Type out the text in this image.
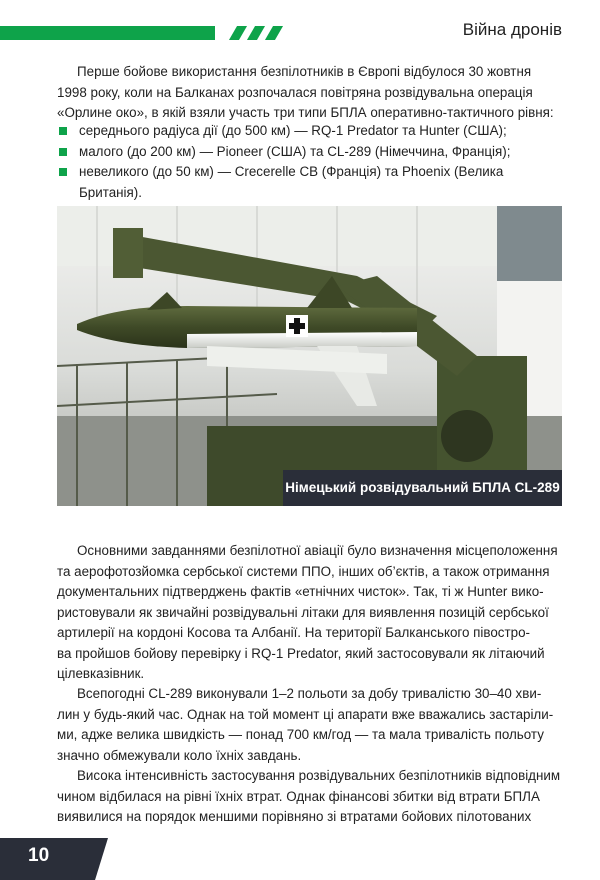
Війна дронів

Перше бойове використання безпілотників в Європі відбулося 30 жовтня
1998 року, коли на Балканах розпочалася повітряна розвідувальна операція
«Орлине око», в якій взяли участь три типи БПЛА оперативно-тактичного рівня:

середнього радіуса дії (до 500 км) — RQ-1 Predator та Hunter (США);
малого (до 200 км) — Pioneer (США) та CL-289 (Німеччина, Франція);
невеликого (до 50 км) — Crecerelle CB (Франція) та Phoenix (Велика Британія).
Німецький розвідувальний БПЛА CL-289

Основними завданнями безпілотної авіації було визначення місцеположення
та аерофотозйомка сербської системи ППО, інших об’єктів, а також отримання
документальних підтверджень фактів «етнічних чисток». Так, ті ж Hunter вико-
ристовували як звичайні розвідувальні літаки для виявлення позицій сербської
артилерії на кордоні Косова та Албанії. На території Балканського півостро-
ва пройшов бойову перевірку і RQ-1 Predator, який застосовували як літаючий
цілевказівник.

Всепогодні CL-289 виконували 1–2 польоти за добу тривалістю 30–40 хви-
лин у будь-який час. Однак на той момент ці апарати вже вважались застаріли-
ми, адже велика швидкість — понад 700 км/год — та мала тривалість польоту
значно обмежували коло їхніх завдань.

Висока інтенсивність застосування розвідувальних безпілотників відповідним
чином відбилася на рівні їхніх втрат. Однак фінансові збитки від втрати БПЛА
виявилися на порядок меншими порівняно зі втратами бойових пілотованих

10
